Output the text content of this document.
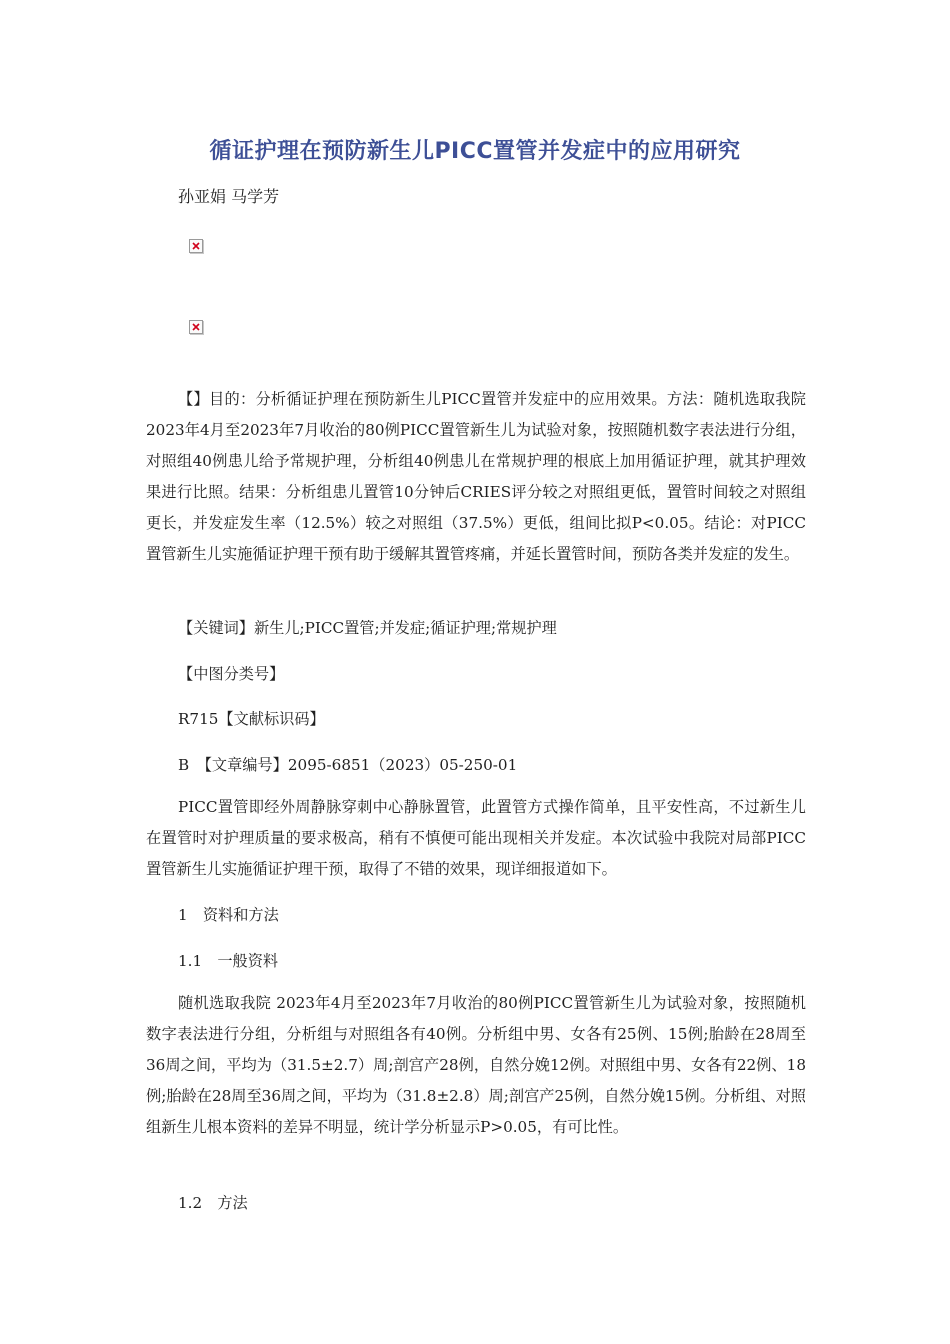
循证护理在预防新生儿PICC置管并发症中的应用研究
孙亚娟 马学芳
【】目的：分析循证护理在预防新生儿PICC置管并发症中的应用效果。方法：随机选取我院 2023年4月至2023年7月收治的80例PICC置管新生儿为试验对象，按照随机数字表法进行分组，对照组40例患儿给予常规护理，分析组40例患儿在常规护理的根底上加用循证护理，就其护理效果进行比照。结果：分析组患儿置管10分钟后CRIES评分较之对照组更低，置管时间较之对照组更长，并发症发生率（12.5%）较之对照组（37.5%）更低，组间比拟P<0.05。结论：对PICC置管新生儿实施循证护理干预有助于缓解其置管疼痛，并延长置管时间，预防各类并发症的发生。
【关键词】新生儿;PICC置管;并发症;循证护理;常规护理
【中图分类号】
R715【文献标识码】
B　【文章编号】2095-6851（2023）05-250-01
PICC置管即经外周静脉穿刺中心静脉置管，此置管方式操作简单，且平安性高，不过新生儿在置管时对护理质量的要求极高，稍有不慎便可能出现相关并发症。本次试验中我院对局部PICC置管新生儿实施循证护理干预，取得了不错的效果，现详细报道如下。
1　资料和方法
1.1　一般资料
随机选取我院 2023年4月至2023年7月收治的80例PICC置管新生儿为试验对象，按照随机数字表法进行分组，分析组与对照组各有40例。分析组中男、女各有25例、15例;胎龄在28周至36周之间，平均为（31.5±2.7）周;剖宫产28例，自然分娩12例。对照组中男、女各有22例、18例;胎龄在28周至36周之间，平均为（31.8±2.8）周;剖宫产25例，自然分娩15例。分析组、对照组新生儿根本资料的差异不明显，统计学分析显示P>0.05，有可比性。
1.2　方法
